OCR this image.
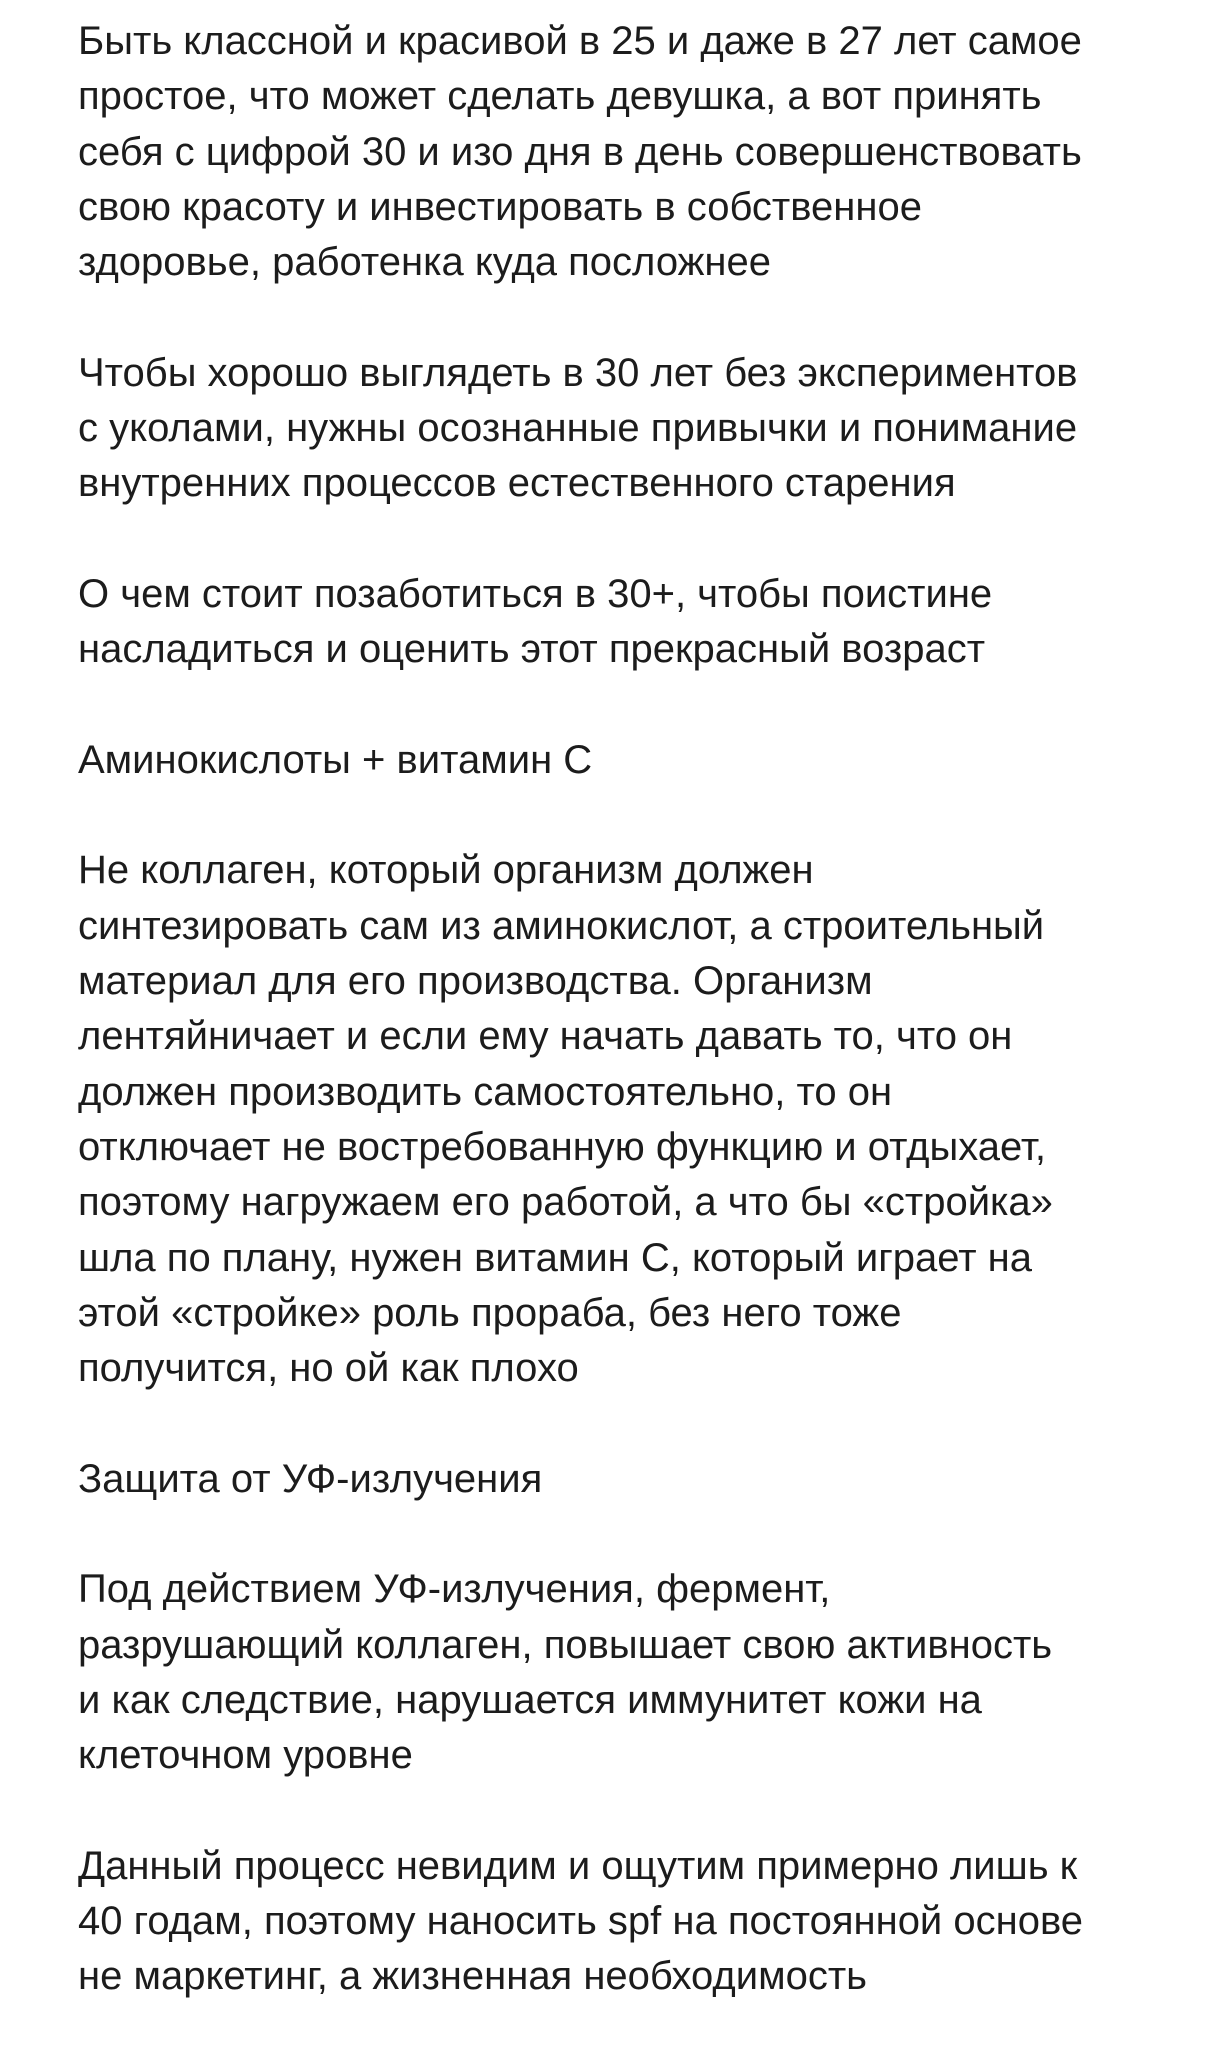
Быть классной и красивой в 25 и даже в 27 лет самое
простое, что может сделать девушка, а вот принять
себя с цифрой 30 и изо дня в день совершенствовать
свою красоту и инвестировать в собственное
здоровье, работенка куда посложнее

Чтобы хорошо выглядеть в 30 лет без экспериментов
с уколами, нужны осознанные привычки и понимание
внутренних процессов естественного старения

О чем стоит позаботиться в 30+, чтобы поистине
насладиться и оценить этот прекрасный возраст

Аминокислоты + витамин С

Не коллаген, который организм должен
синтезировать сам из аминокислот, а строительный
материал для его производства. Организм
лентяйничает и если ему начать давать то, что он
должен производить самостоятельно, то он
отключает не востребованную функцию и отдыхает,
поэтому нагружаем его работой, а что бы «стройка»
шла по плану, нужен витамин С, который играет на
этой «стройке» роль прораба, без него тоже
получится, но ой как плохо

Защита от УФ-излучения

Под действием УФ-излучения, фермент,
разрушающий коллаген, повышает свою активность
и как следствие, нарушается иммунитет кожи на
клеточном уровне

Данный процесс невидим и ощутим примерно лишь к
40 годам, поэтому наносить spf на постоянной основе
не маркетинг, а жизненная необходимость
